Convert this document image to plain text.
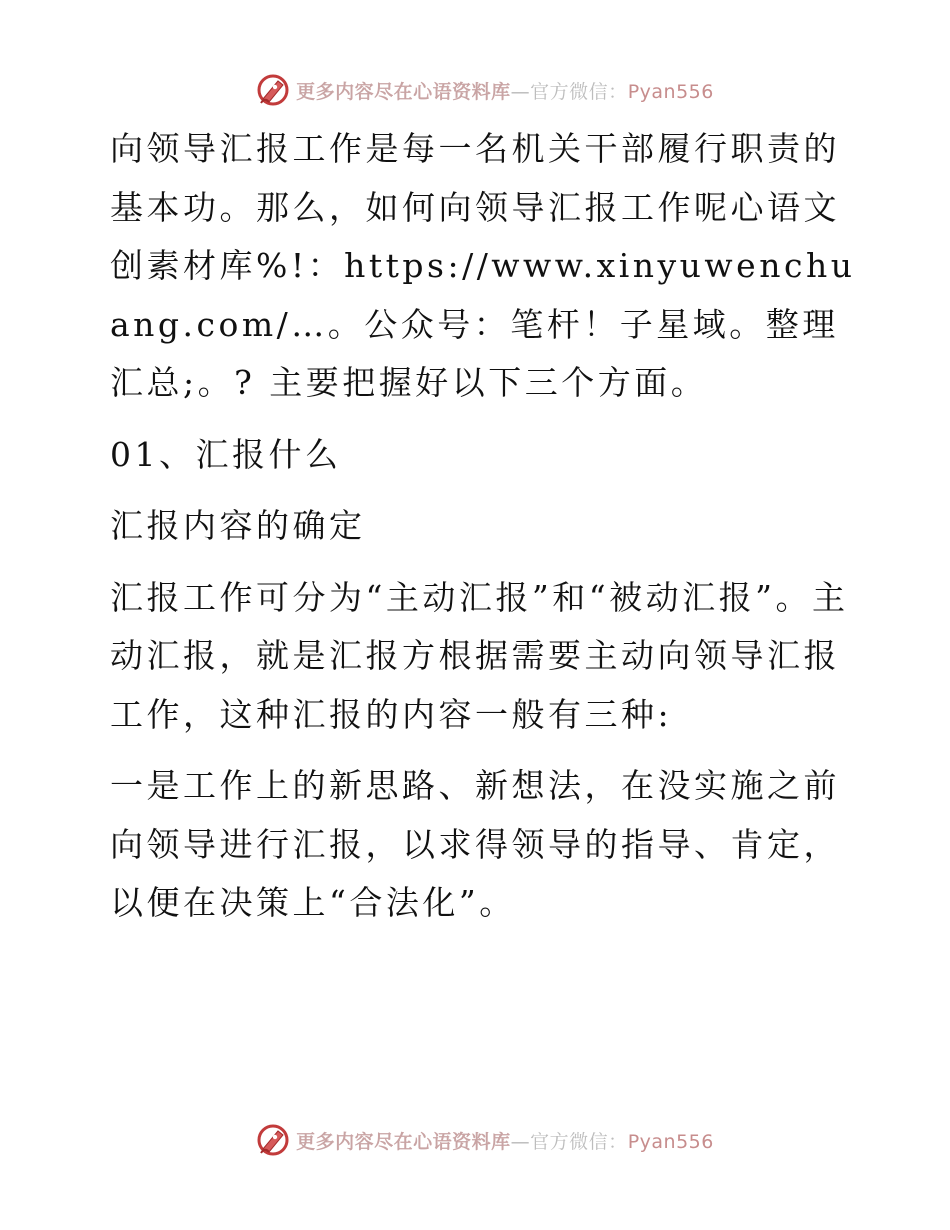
更多内容尽在心语资料库—官方微信：Pyan556

向领导汇报工作是每一名机关干部履行职责的基本功。那么，如何向领导汇报工作呢心语文创素材库%!：https://www.xinyuwenchuang.com/…。公众号：笔杆！子星域。整理汇总;。? 主要把握好以下三个方面。

01、汇报什么

汇报内容的确定

汇报工作可分为“主动汇报”和“被动汇报”。主动汇报，就是汇报方根据需要主动向领导汇报工作，这种汇报的内容一般有三种:

一是工作上的新思路、新想法，在没实施之前向领导进行汇报，以求得领导的指导、肯定，以便在决策上“合法化”。

更多内容尽在心语资料库—官方微信：Pyan556
